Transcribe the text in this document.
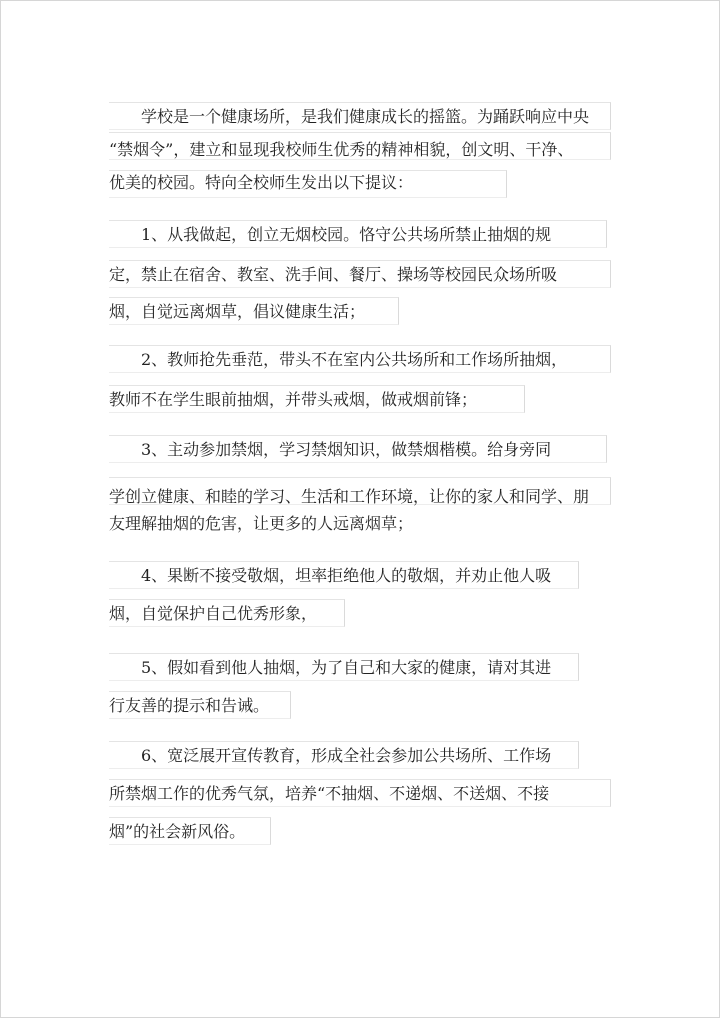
学校是一个健康场所，是我们健康成长的摇篮。为踊跃响应中央
“禁烟令”，建立和显现我校师生优秀的精神相貌，创文明、干净、
优美的校园。特向全校师生发出以下提议：
1、从我做起，创立无烟校园。恪守公共场所禁止抽烟的规
定，禁止在宿舍、教室、洗手间、餐厅、操场等校园民众场所吸
烟，自觉远离烟草，倡议健康生活；
2、教师抢先垂范，带头不在室内公共场所和工作场所抽烟，
教师不在学生眼前抽烟，并带头戒烟，做戒烟前锋；
3、主动参加禁烟，学习禁烟知识，做禁烟楷模。给身旁同
学创立健康、和睦的学习、生活和工作环境，让你的家人和同学、朋
友理解抽烟的危害，让更多的人远离烟草；
4、果断不接受敬烟，坦率拒绝他人的敬烟，并劝止他人吸
烟，自觉保护自己优秀形象，
5、假如看到他人抽烟，为了自己和大家的健康，请对其进
行友善的提示和告诫。
6、宽泛展开宣传教育，形成全社会参加公共场所、工作场
所禁烟工作的优秀气氛，培养“不抽烟、不递烟、不送烟、不接
烟”的社会新风俗。
